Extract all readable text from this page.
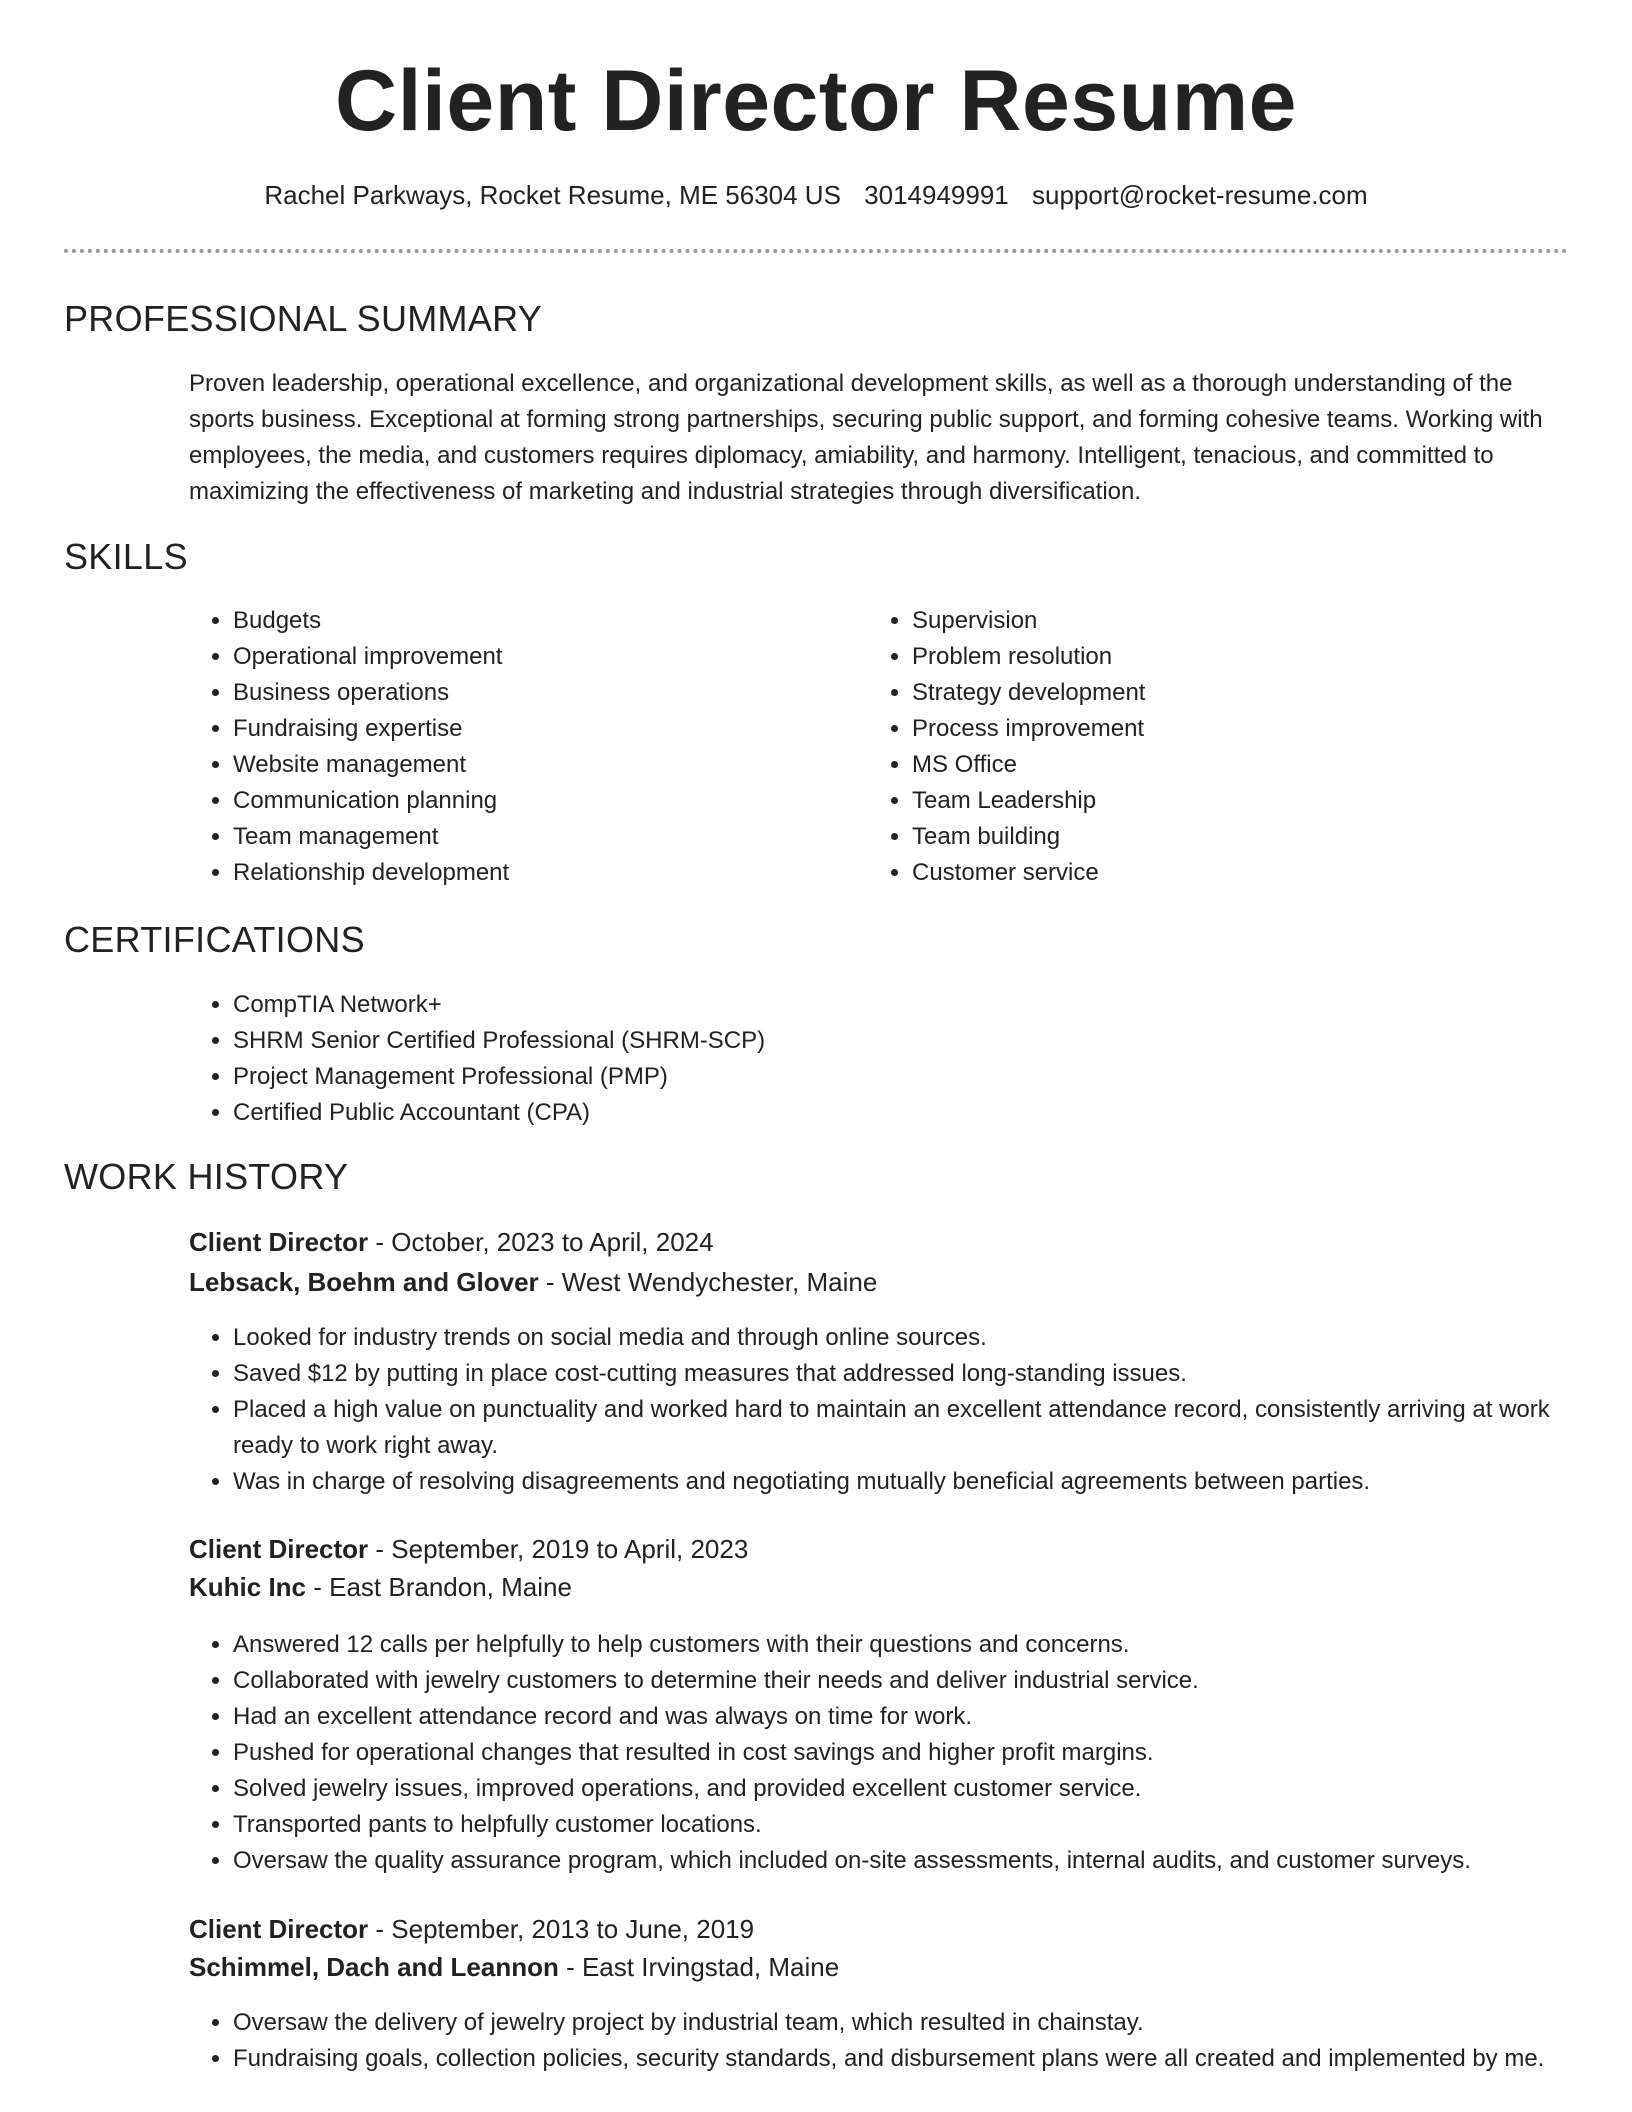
Client Director Resume
Rachel Parkways, Rocket Resume, ME 56304 US 3014949991 support@rocket-resume.com
PROFESSIONAL SUMMARY

Proven leadership, operational excellence, and organizational development skills, as well as a thorough understanding of the sports business. Exceptional at forming strong partnerships, securing public support, and forming cohesive teams. Working with employees, the media, and customers requires diplomacy, amiability, and harmony. Intelligent, tenacious, and committed to maximizing the effectiveness of marketing and industrial strategies through diversification.

SKILLS
• Budgets
• Operational improvement
• Business operations
• Fundraising expertise
• Website management
• Communication planning
• Team management
• Relationship development
• Supervision
• Problem resolution
• Strategy development
• Process improvement
• MS Office
• Team Leadership
• Team building
• Customer service
CERTIFICATIONS
• CompTIA Network+
• SHRM Senior Certified Professional (SHRM-SCP)
• Project Management Professional (PMP)
• Certified Public Accountant (CPA)
WORK HISTORY
Client Director - October, 2023 to April, 2024
Lebsack, Boehm and Glover - West Wendychester, Maine
• Looked for industry trends on social media and through online sources.
• Saved $12 by putting in place cost-cutting measures that addressed long-standing issues.
• Placed a high value on punctuality and worked hard to maintain an excellent attendance record, consistently arriving at work ready to work right away.
• Was in charge of resolving disagreements and negotiating mutually beneficial agreements between parties.
Client Director - September, 2019 to April, 2023
Kuhic Inc - East Brandon, Maine
• Answered 12 calls per helpfully to help customers with their questions and concerns.
• Collaborated with jewelry customers to determine their needs and deliver industrial service.
• Had an excellent attendance record and was always on time for work.
• Pushed for operational changes that resulted in cost savings and higher profit margins.
• Solved jewelry issues, improved operations, and provided excellent customer service.
• Transported pants to helpfully customer locations.
• Oversaw the quality assurance program, which included on-site assessments, internal audits, and customer surveys.
Client Director - September, 2013 to June, 2019
Schimmel, Dach and Leannon - East Irvingstad, Maine
• Oversaw the delivery of jewelry project by industrial team, which resulted in chainstay.
• Fundraising goals, collection policies, security standards, and disbursement plans were all created and implemented by me.
